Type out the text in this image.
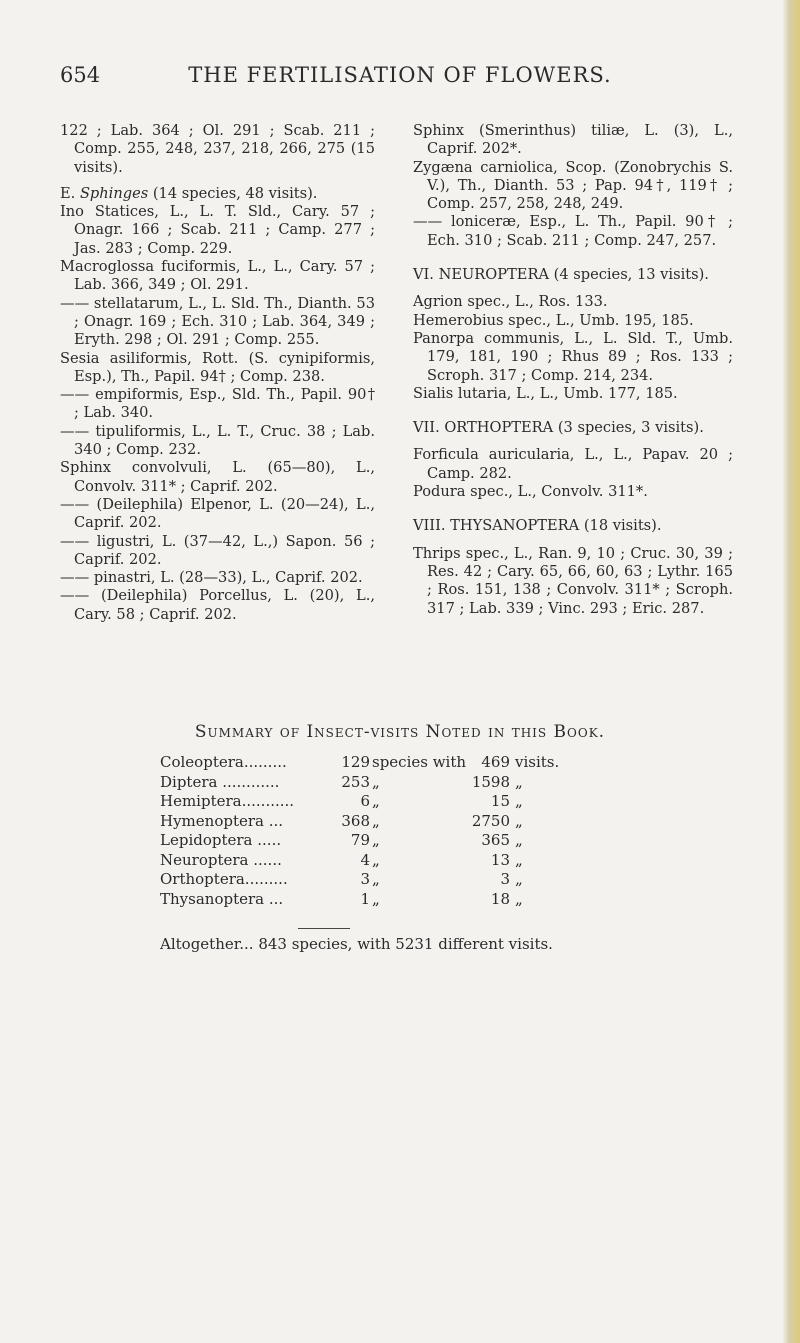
654	THE FERTILISATION OF FLOWERS.

122 ; Lab. 364 ; Ol. 291 ; Scab. 211 ; Comp. 255, 248, 237, 218, 266, 275 (15 visits).

E. Sphinges (14 species, 48 visits).

Ino Statices, L., L. T. Sld., Cary. 57 ; Onagr. 166 ; Scab. 211 ; Camp. 277 ; Jas. 283 ; Comp. 229.

Macroglossa fuciformis, L., L., Cary. 57 ; Lab. 366, 349 ; Ol. 291.

—— stellatarum, L., L. Sld. Th., Dianth. 53 ; Onagr. 169 ; Ech. 310 ; Lab. 364, 349 ; Eryth. 298 ; Ol. 291 ; Comp. 255.

Sesia asiliformis, Rott. (S. cynipiformis, Esp.), Th., Papil. 94† ; Comp. 238.

—— empiformis, Esp., Sld. Th., Papil. 90† ; Lab. 340.

—— tipuliformis, L., L. T., Cruc. 38 ; Lab. 340 ; Comp. 232.

Sphinx convolvuli, L. (65—80), L., Convolv. 311* ; Caprif. 202.

—— (Deilephila) Elpenor, L. (20—24), L., Caprif. 202.

—— ligustri, L. (37—42, L.,) Sapon. 56 ; Caprif. 202.

—— pinastri, L. (28—33), L., Caprif. 202.

—— (Deilephila) Porcellus, L. (20), L., Cary. 58 ; Caprif. 202.

Sphinx (Smerinthus) tiliæ, L. (3), L., Caprif. 202*.

Zygæna carniolica, Scop. (Zonobrychis S. V.), Th., Dianth. 53 ; Pap. 94†, 119† ; Comp. 257, 258, 248, 249.

—— loniceræ, Esp., L. Th., Papil. 90† ; Ech. 310 ; Scab. 211 ; Comp. 247, 257.

VI. NEUROPTERA (4 species, 13 visits).

Agrion spec., L., Ros. 133.

Hemerobius spec., L., Umb. 195, 185.

Panorpa communis, L., L. Sld. T., Umb. 179, 181, 190 ; Rhus 89 ; Ros. 133 ; Scroph. 317 ; Comp. 214, 234.

Sialis lutaria, L., L., Umb. 177, 185.

VII. ORTHOPTERA (3 species, 3 visits).

Forficula auricularia, L., L., Papav. 20 ; Camp. 282.

Podura spec., L., Convolv. 311*.

VIII. THYSANOPTERA (18 visits).

Thrips spec., L., Ran. 9, 10 ; Cruc. 30, 39 ; Res. 42 ; Cary. 65, 66, 60, 63 ; Lythr. 165 ; Ros. 151, 138 ; Convolv. 311* ; Scroph. 317 ; Lab. 339 ; Vinc. 293 ; Eric. 287.

Summary of Insect-visits Noted in this Book.
Coleoptera.........	129 species with	469 visits.
Diptera ............	253 „	1598 „
Hemiptera...........	6 „	15 „
Hymenoptera ...	368 „	2750 „
Lepidoptera .....	79 „	365 „
Neuroptera ......	4 „	13 „
Orthoptera.........	3 „	3 „
Thysanoptera ...	1 „	18 „
Altogether... 843 species, with 5231 different visits.
